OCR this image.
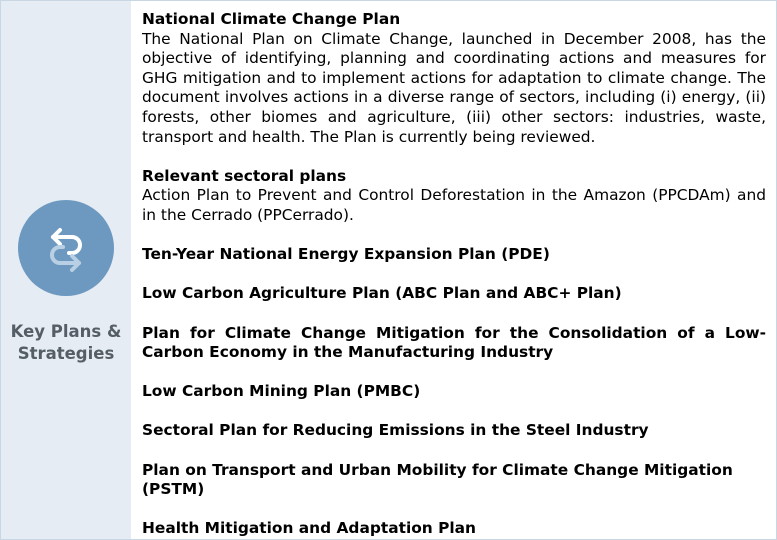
Key Plans & Strategies
National Climate Change Plan
The National Plan on Climate Change, launched in December 2008, has the objective of identifying, planning and coordinating actions and measures for GHG mitigation and to implement actions for adaptation to climate change. The document involves actions in a diverse range of sectors, including (i) energy, (ii) forests, other biomes and agriculture, (iii) other sectors: industries, waste, transport and health. The Plan is currently being reviewed.
Relevant sectoral plans
Action Plan to Prevent and Control Deforestation in the Amazon (PPCDAm) and in the Cerrado (PPCerrado).
Ten-Year National Energy Expansion Plan (PDE)
Low Carbon Agriculture Plan (ABC Plan and ABC+ Plan)
Plan for Climate Change Mitigation for the Consolidation of a Low-Carbon Economy in the Manufacturing Industry
Low Carbon Mining Plan (PMBC)
Sectoral Plan for Reducing Emissions in the Steel Industry
Plan on Transport and Urban Mobility for Climate Change Mitigation (PSTM)
Health Mitigation and Adaptation Plan
